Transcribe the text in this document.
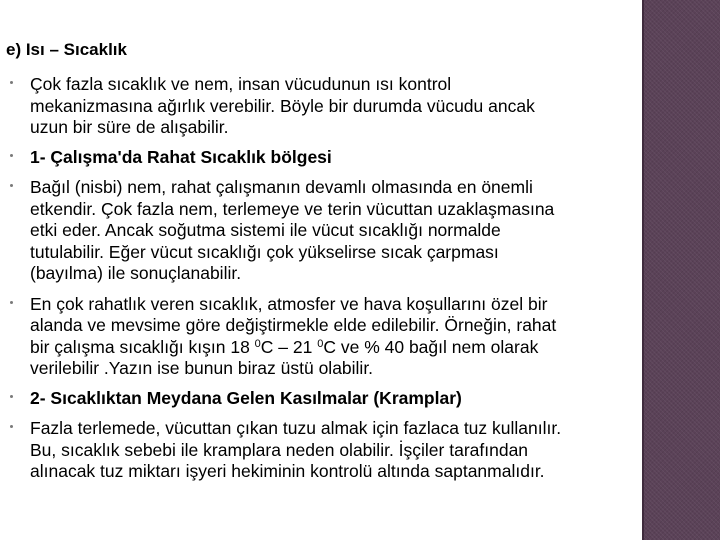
e) Isı – Sıcaklık
Çok fazla sıcaklık ve nem, insan vücudunun ısı kontrol
mekanizmasına ağırlık verebilir. Böyle bir durumda vücudu ancak
uzun bir süre de alışabilir.
1- Çalışma'da Rahat Sıcaklık bölgesi
Bağıl (nisbi) nem, rahat çalışmanın devamlı olmasında en önemli
etkendir. Çok fazla nem, terlemeye ve terin vücuttan uzaklaşmasına
etki eder. Ancak soğutma sistemi ile vücut sıcaklığı normalde
tutulabilir. Eğer vücut sıcaklığı çok yükselirse sıcak çarpması
(bayılma) ile sonuçlanabilir.
En çok rahatlık veren sıcaklık, atmosfer ve hava koşullarını özel bir
alanda ve mevsime göre değiştirmekle elde edilebilir. Örneğin, rahat
bir çalışma sıcaklığı kışın 18 $^0$C – 21 $^0$C ve % 40 bağıl nem olarak
verilebilir .Yazın ise bunun biraz üstü olabilir.
2- Sıcaklıktan Meydana Gelen Kasılmalar (Kramplar)
Fazla terlemede, vücuttan çıkan tuzu almak için fazlaca tuz kullanılır.
Bu, sıcaklık sebebi ile kramplara neden olabilir. İşçiler tarafından
alınacak tuz miktarı işyeri hekiminin kontrolü altında saptanmalıdır.
